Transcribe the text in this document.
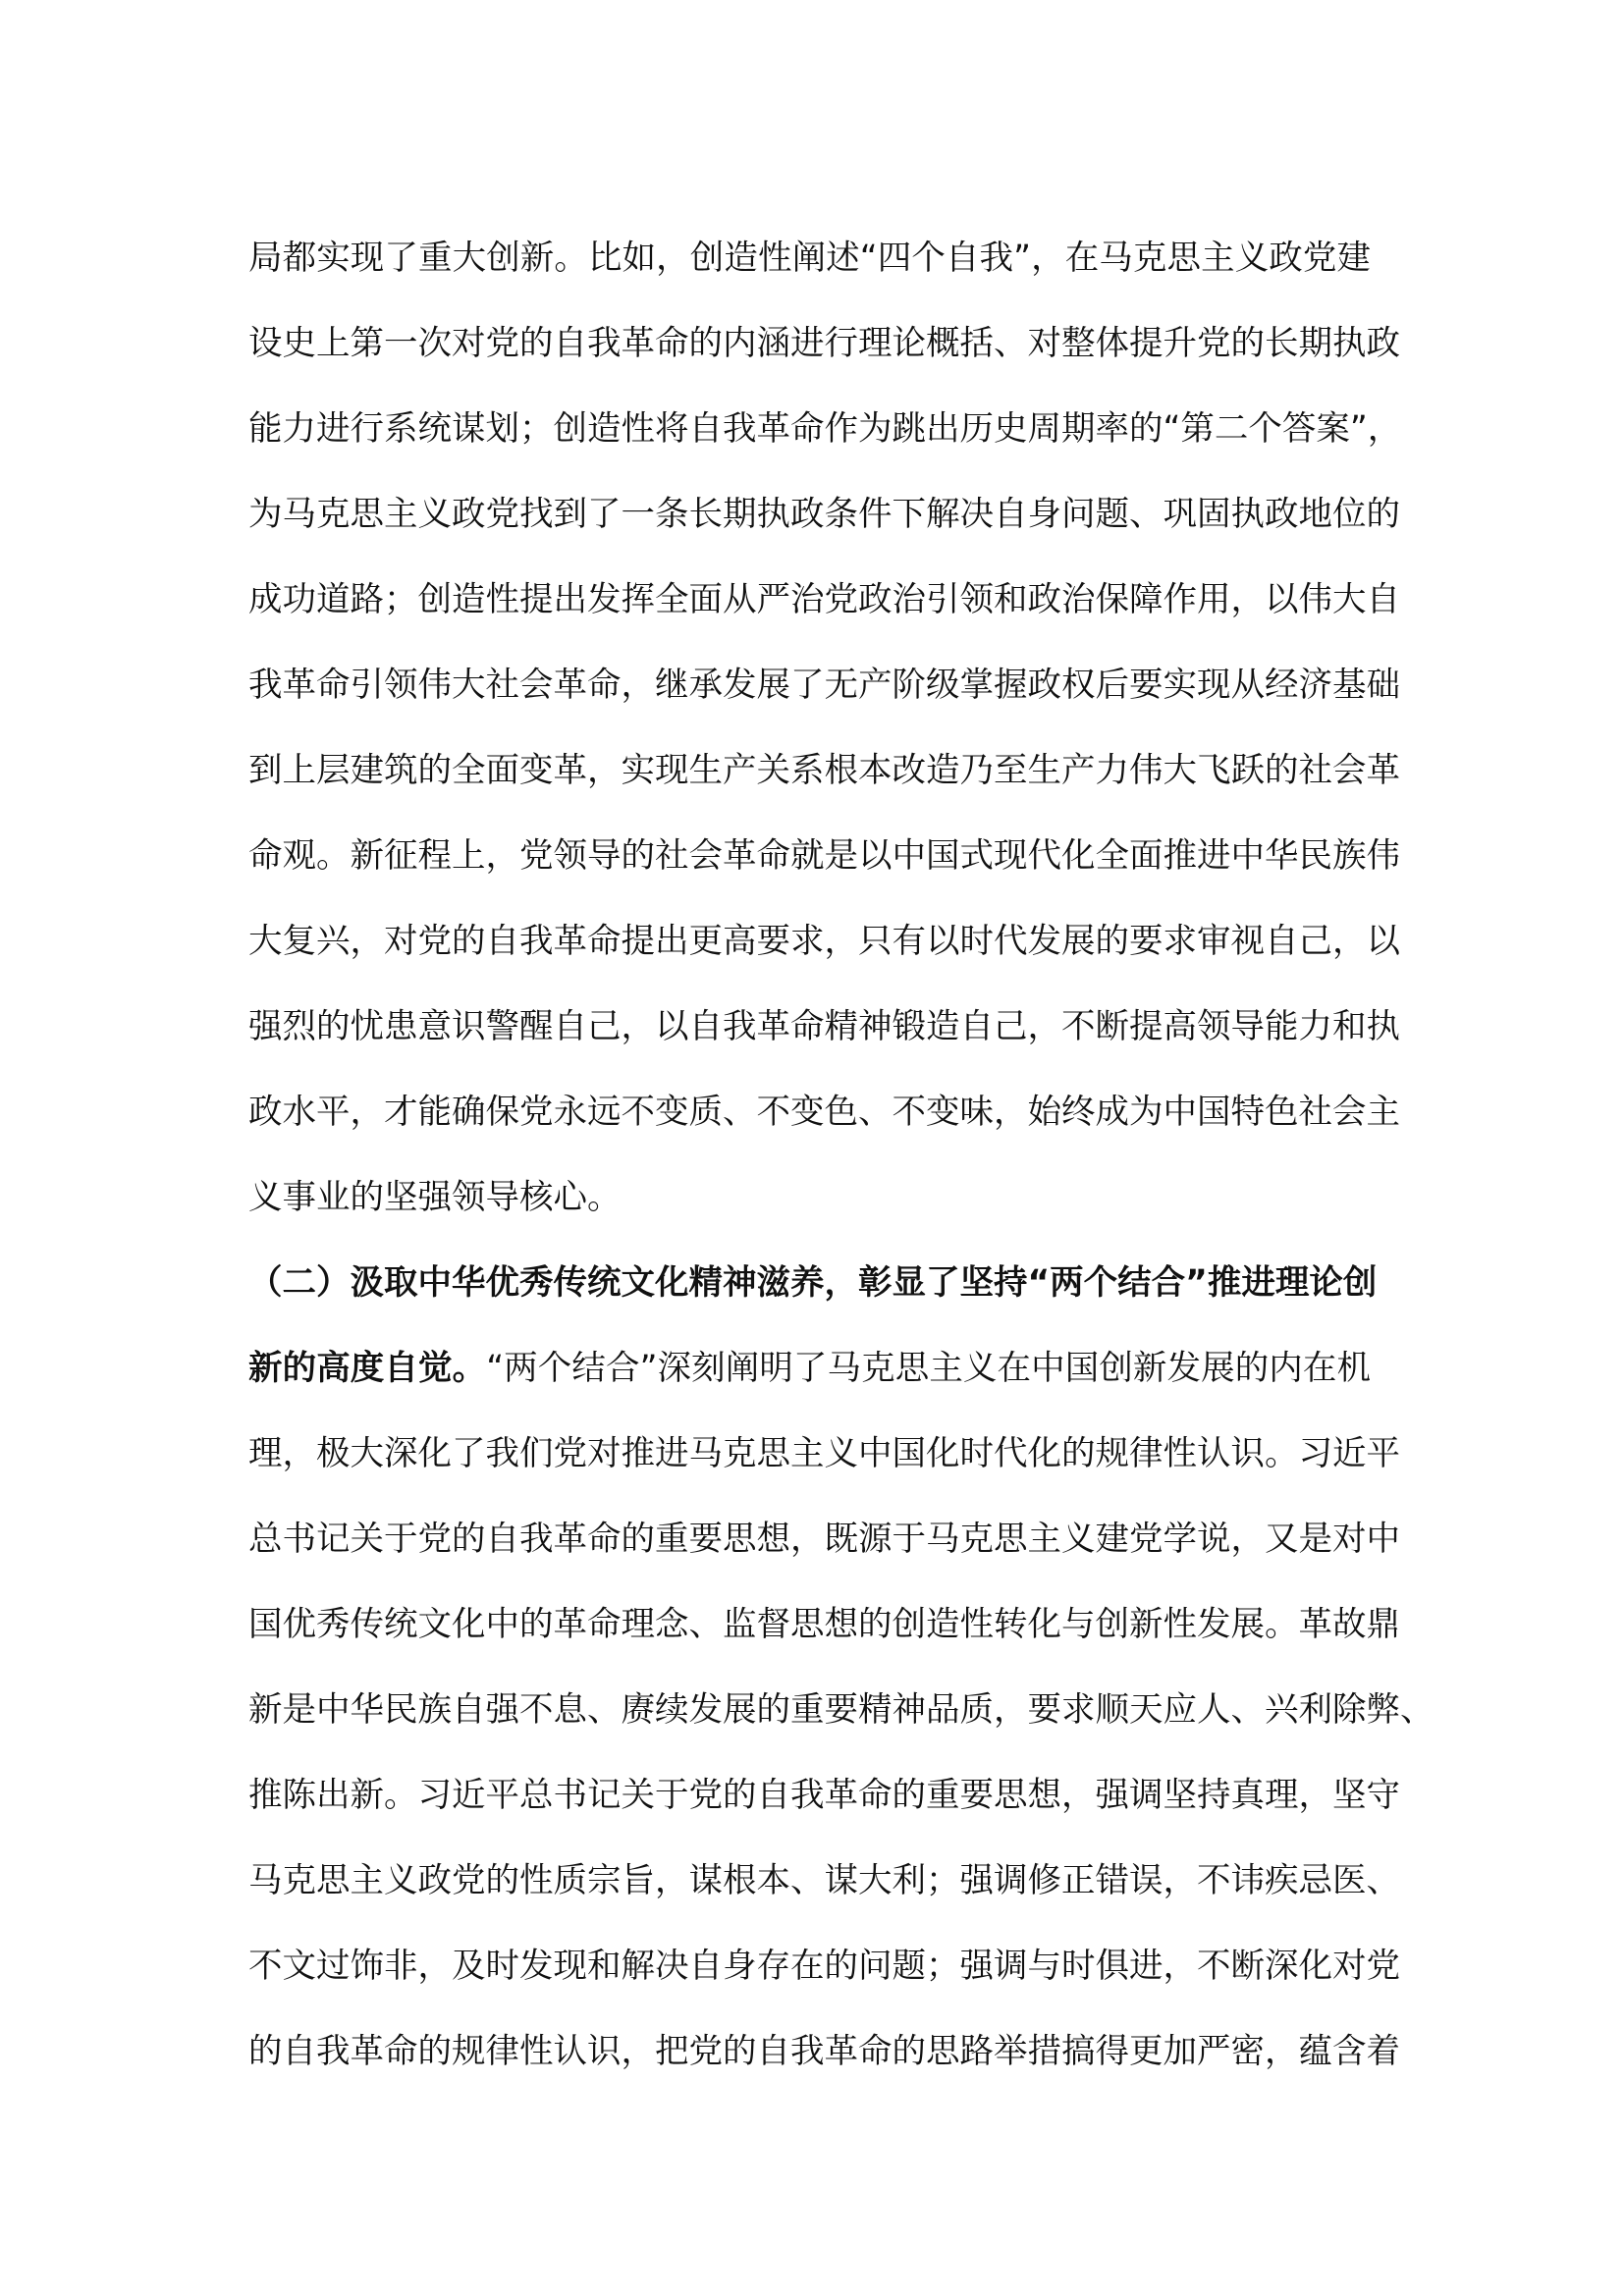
局都实现了重大创新。比如，创造性阐述“四个自我”，在马克思主义政党建
设史上第一次对党的自我革命的内涵进行理论概括、对整体提升党的长期执政
能力进行系统谋划；创造性将自我革命作为跳出历史周期率的“第二个答案”，
为马克思主义政党找到了一条长期执政条件下解决自身问题、巩固执政地位的
成功道路；创造性提出发挥全面从严治党政治引领和政治保障作用，以伟大自
我革命引领伟大社会革命，继承发展了无产阶级掌握政权后要实现从经济基础
到上层建筑的全面变革，实现生产关系根本改造乃至生产力伟大飞跃的社会革
命观。新征程上，党领导的社会革命就是以中国式现代化全面推进中华民族伟
大复兴，对党的自我革命提出更高要求，只有以时代发展的要求审视自己，以
强烈的忧患意识警醒自己，以自我革命精神锻造自己，不断提高领导能力和执
政水平，才能确保党永远不变质、不变色、不变味，始终成为中国特色社会主
义事业的坚强领导核心。
（二）汲取中华优秀传统文化精神滋养，彰显了坚持“两个结合”推进理论创
新的高度自觉。“两个结合”深刻阐明了马克思主义在中国创新发展的内在机
理，极大深化了我们党对推进马克思主义中国化时代化的规律性认识。习近平
总书记关于党的自我革命的重要思想，既源于马克思主义建党学说，又是对中
国优秀传统文化中的革命理念、监督思想的创造性转化与创新性发展。革故鼎
新是中华民族自强不息、赓续发展的重要精神品质，要求顺天应人、兴利除弊、
推陈出新。习近平总书记关于党的自我革命的重要思想，强调坚持真理，坚守
马克思主义政党的性质宗旨，谋根本、谋大利；强调修正错误，不讳疾忌医、
不文过饰非，及时发现和解决自身存在的问题；强调与时俱进，不断深化对党
的自我革命的规律性认识，把党的自我革命的思路举措搞得更加严密，蕴含着
